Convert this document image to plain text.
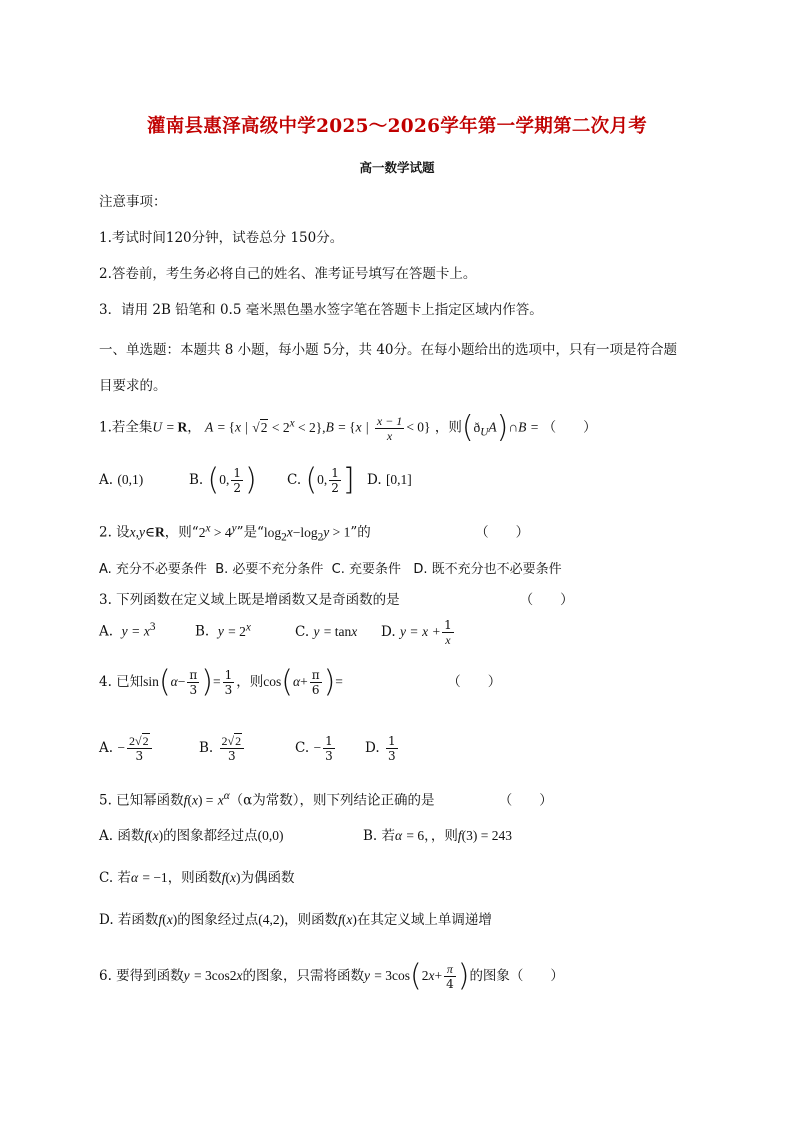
灌南县惠泽高级中学2025～2026学年第一学期第二次月考
高一数学试题
注意事项：
1.考试时间120分钟，试卷总分 150分。
2.答卷前，考生务必将自己的姓名、准考证号填写在答题卡上。
3．请用 2B 铅笔和 0.5 毫米黑色墨水签字笔在答题卡上指定区域内作答。
一、单选题：本题共 8 小题，每小题 5分，共 40分。在每小题给出的选项中，只有一项是符合题
目要求的。
1.若全集U = R， A = {x | $√2 < 2^x < 2\},B = \{x$ | $\frac{x - 1}{x} < 0$} ，则$(ð_UA)\cap B$ = （　　）
A. (0,1)	B. (0, $\frac{1}{2}$ ) C. (0, $\frac{1}{2}$ ] D. [0,1]
2. 设x,y∈R，则“$2^x > 4^y$”是“$\log_2x-\log_2y > 1$”的	（　　）
A. 充分不必要条件 B. 必要不充分条件 C. 充要条件 D. 既不充分也不必要条件
3. 下列函数在定义域上既是增函数又是奇函数的是	（　　）
A. $y = x^3$	B. $y = 2^x$	C. y = tanx D. $y = x + \frac{1}{x}$
4. 已知$\sin(\alpha- \frac{\pi}{3}$ )= $\frac{1}{3}$ ，则$\cos(\alpha+ \frac{\pi}{6}$ )=	（　　）
A. − $\frac{2√2}{3}$	B. $\frac{2√2}{3}$	C. − $\frac{1}{3} D$. $\frac{1}{3}$
5. 已知幂函数$f(x) = x^\alpha(\alpha$为常数），则下列结论正确的是	（　　）
A. 函数f(x)的图象都经过点(0,0)	B. 若α = 6，，则f(3) = 243
C. 若α = −1，则函数f(x)为偶函数
D. 若函数f(x)的图象经过点(4,2)，则函数f(x)在其定义域上单调递增
6. 要得到函数y = 3cos2x的图象，只需将函数$y = 3\cos(2x+ \frac{\pi}{4}$ )的图象（　　）
